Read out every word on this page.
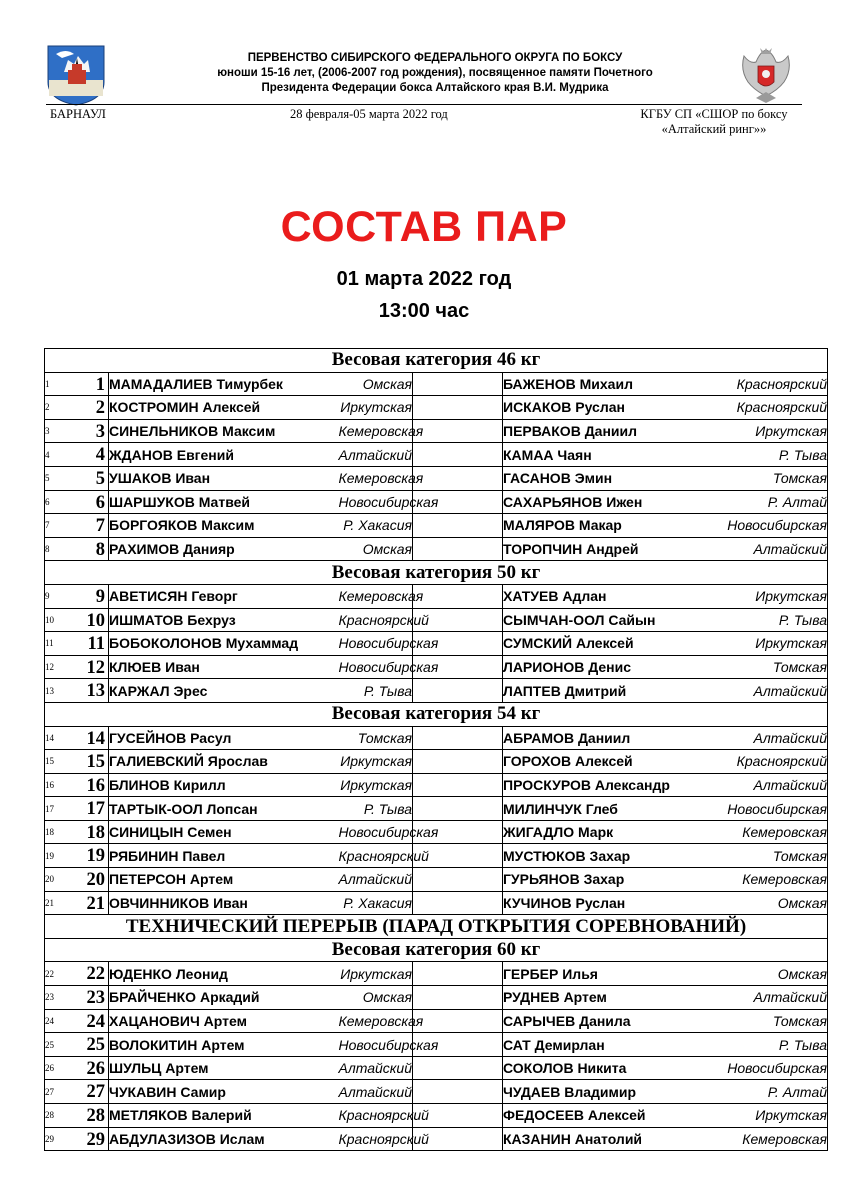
ПЕРВЕНСТВО СИБИРСКОГО ФЕДЕРАЛЬНОГО ОКРУГА ПО БОКСУ
юноши 15-16 лет, (2006-2007 год рождения), посвященное памяти Почетного
Президента Федерации бокса Алтайского края В.И. Мудрика
БАРНАУЛ	28 февраля-05 марта 2022 год	КГБУ СП «СШОР по боксу
«Алтайский ринг»»
СОСТАВ ПАР
01 марта 2022 год
13:00 час
Весовая категория 46 кг					
1 1	МАМАДАЛИЕВ Тимурбек	Омская		БАЖЕНОВ Михаил	Красноярский
2 2	КОСТРОМИН Алексей	Иркутская		ИСКАКОВ Руслан	Красноярский
3 3	СИНЕЛЬНИКОВ Максим	Кемеровская		ПЕРВАКОВ Даниил	Иркутская
4 4	ЖДАНОВ Евгений	Алтайский		КАМАА Чаян	Р. Тыва
5 5	УШАКОВ Иван	Кемеровская		ГАСАНОВ Эмин	Томская
6 6	ШАРШУКОВ Матвей	Новосибирская		САХАРЬЯНОВ Ижен	Р. Алтай
7 7	БОРГОЯКОВ Максим	Р. Хакасия		МАЛЯРОВ Макар	Новосибирская
8 8	РАХИМОВ Данияр	Омская		ТОРОПЧИН Андрей	Алтайский
Весовая категория 50 кг					
9 9	АВЕТИСЯН Геворг	Кемеровская		ХАТУЕВ Адлан	Иркутская
10 10	ИШМАТОВ Бехруз	Красноярский		СЫМЧАН-ООЛ Сайын	Р. Тыва
11 11	БОБОКОЛОНОВ Мухаммад	Новосибирская		СУМСКИЙ Алексей	Иркутская
12 12	КЛЮЕВ Иван	Новосибирская		ЛАРИОНОВ Денис	Томская
13 13	КАРЖАЛ Эрес	Р. Тыва		ЛАПТЕВ Дмитрий	Алтайский
Весовая категория 54 кг					
14 14	ГУСЕЙНОВ Расул	Томская		АБРАМОВ Даниил	Алтайский
15 15	ГАЛИЕВСКИЙ Ярослав	Иркутская		ГОРОХОВ Алексей	Красноярский
16 16	БЛИНОВ Кирилл	Иркутская		ПРОСКУРОВ Александр	Алтайский
17 17	ТАРТЫК-ООЛ Лопсан	Р. Тыва		МИЛИНЧУК Глеб	Новосибирская
18 18	СИНИЦЫН Семен	Новосибирская		ЖИГАДЛО Марк	Кемеровская
19 19	РЯБИНИН Павел	Красноярский		МУСТЮКОВ Захар	Томская
20 20	ПЕТЕРСОН Артем	Алтайский		ГУРЬЯНОВ Захар	Кемеровская
21 21	ОВЧИННИКОВ Иван	Р. Хакасия		КУЧИНОВ Руслан	Омская
ТЕХНИЧЕСКИЙ ПЕРЕРЫВ (ПАРАД ОТКРЫТИЯ СОРЕВНОВАНИЙ)					
Весовая категория 60 кг					
22 22	ЮДЕНКО Леонид	Иркутская		ГЕРБЕР Илья	Омская
23 23	БРАЙЧЕНКО Аркадий	Омская		РУДНЕВ Артем	Алтайский
24 24	ХАЦАНОВИЧ Артем	Кемеровская		САРЫЧЕВ Данила	Томская
25 25	ВОЛОКИТИН Артем	Новосибирская		САТ Демирлан	Р. Тыва
26 26	ШУЛЬЦ Артем	Алтайский		СОКОЛОВ Никита	Новосибирская
27 27	ЧУКАВИН Самир	Алтайский		ЧУДАЕВ Владимир	Р. Алтай
28 28	МЕТЛЯКОВ Валерий	Красноярский		ФЕДОСЕЕВ Алексей	Иркутская
29 29	АБДУЛАЗИЗОВ Ислам	Красноярский		КАЗАНИН Анатолий	Кемеровская
